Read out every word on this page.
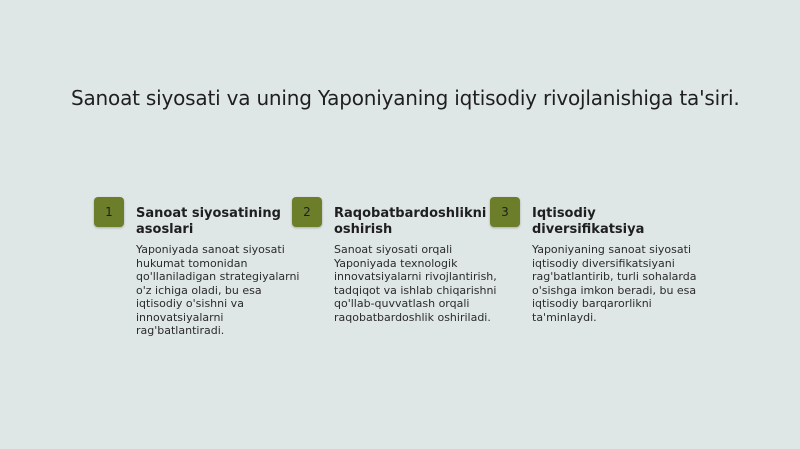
Sanoat siyosati va uning Yaponiyaning iqtisodiy rivojlanishiga ta'siri.
1	Sanoat siyosatining asoslari

Yaponiyada sanoat siyosati hukumat tomonidan qo'llaniladigan strategiyalarni o'z ichiga oladi, bu esa iqtisodiy o'sishni va innovatsiyalarni rag'batlantiradi.

2	Raqobatbardoshlikni oshirish

Sanoat siyosati orqali Yaponiyada texnologik innovatsiyalarni rivojlantirish, tadqiqot va ishlab chiqarishni qo'llab-quvvatlash orqali raqobatbardoshlik oshiriladi.

3	Iqtisodiy diversifikatsiya

Yaponiyaning sanoat siyosati iqtisodiy diversifikatsiyani rag'batlantirib, turli sohalarda o'sishga imkon beradi, bu esa iqtisodiy barqarorlikni ta'minlaydi.
